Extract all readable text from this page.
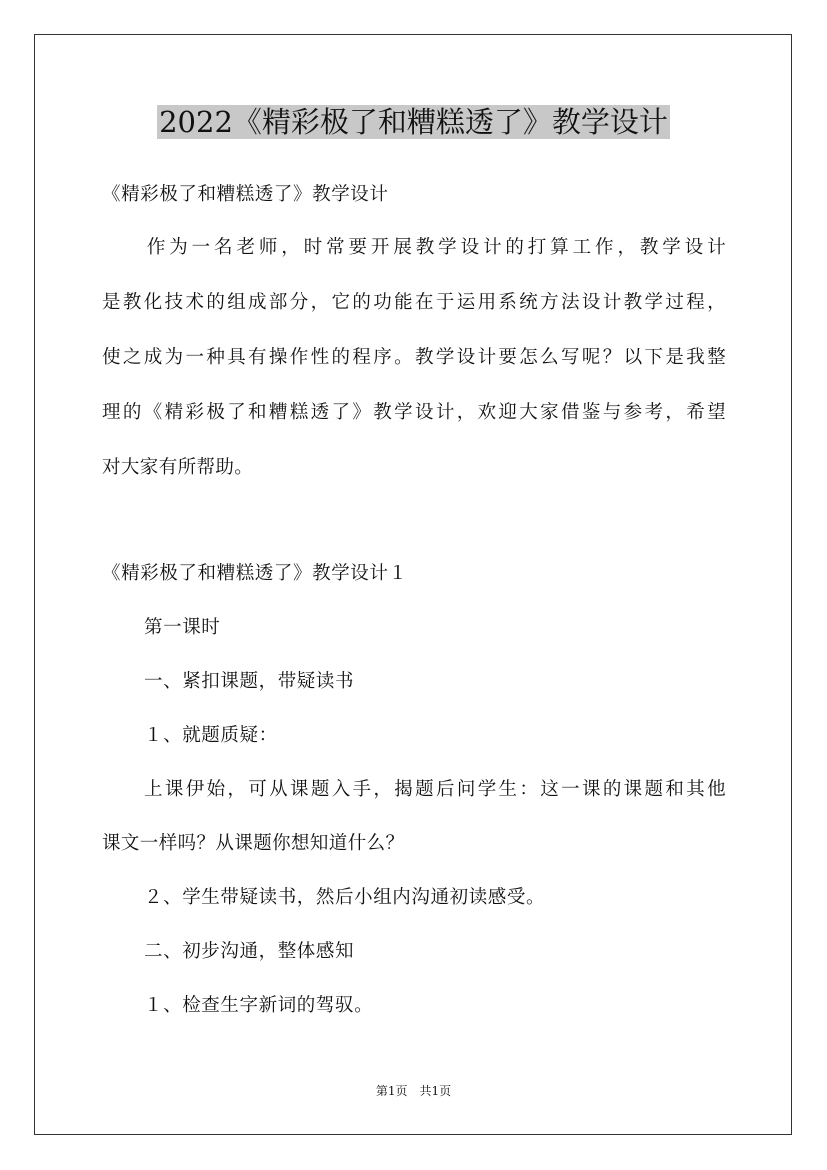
2022《精彩极了和糟糕透了》教学设计
《精彩极了和糟糕透了》教学设计
　　作为一名老师，时常要开展教学设计的打算工作，教学设计
是教化技术的组成部分，它的功能在于运用系统方法设计教学过程，
使之成为一种具有操作性的程序。教学设计要怎么写呢？以下是我整
理的《精彩极了和糟糕透了》教学设计，欢迎大家借鉴与参考，希望
对大家有所帮助。
《精彩极了和糟糕透了》教学设计１
第一课时
一、紧扣课题，带疑读书
１、就题质疑：
上课伊始，可从课题入手，揭题后问学生：这一课的课题和其他
课文一样吗？从课题你想知道什么？
２、学生带疑读书，然后小组内沟通初读感受。
二、初步沟通，整体感知
１、检查生字新词的驾驭。
第1页　共1页
